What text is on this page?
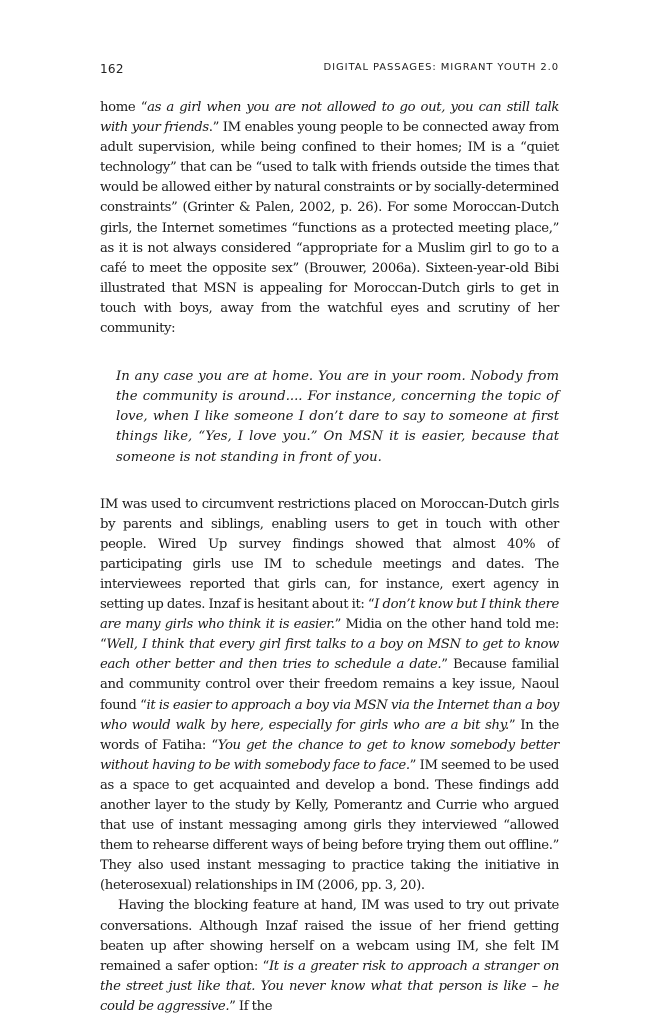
162	DIGITAL PASSAGES: MIGRANT YOUTH 2.0

home “as a girl when you are not allowed to go out, you can still talk with your friends.” IM enables young people to be connected away from adult supervision, while being confined to their homes; IM is a “quiet technology” that can be “used to talk with friends outside the times that would be allowed either by natural constraints or by socially-determined constraints” (Grinter & Palen, 2002, p. 26). For some Moroccan-Dutch girls, the Internet sometimes “functions as a protected meeting place,” as it is not always considered “appropriate for a Muslim girl to go to a café to meet the opposite sex” (Brouwer, 2006a). Sixteen-year-old Bibi illustrated that MSN is appealing for Moroccan-Dutch girls to get in touch with boys, away from the watchful eyes and scrutiny of her community:

In any case you are at home. You are in your room. Nobody from the community is around.... For instance, concerning the topic of love, when I like someone I don’t dare to say to someone at first things like, “Yes, I love you.” On MSN it is easier, because that someone is not standing in front of you.

IM was used to circumvent restrictions placed on Moroccan-Dutch girls by parents and siblings, enabling users to get in touch with other people. Wired Up survey findings showed that almost 40% of participating girls use IM to schedule meetings and dates. The interviewees reported that girls can, for instance, exert agency in setting up dates. Inzaf is hesitant about it: “I don’t know but I think there are many girls who think it is easier.” Midia on the other hand told me: “Well, I think that every girl first talks to a boy on MSN to get to know each other better and then tries to schedule a date.” Because familial and community control over their freedom remains a key issue, Naoul found “it is easier to approach a boy via MSN via the Internet than a boy who would walk by here, especially for girls who are a bit shy.” In the words of Fatiha: “You get the chance to get to know somebody better without having to be with somebody face to face.” IM seemed to be used as a space to get acquainted and develop a bond. These findings add another layer to the study by Kelly, Pomerantz and Currie who argued that use of instant messaging among girls they interviewed “allowed them to rehearse different ways of being before trying them out offline.” They also used instant messaging to practice taking the initiative in (heterosexual) relationships in IM (2006, pp. 3, 20).

Having the blocking feature at hand, IM was used to try out private conversations. Although Inzaf raised the issue of her friend getting beaten up after showing herself on a webcam using IM, she felt IM remained a safer option: “It is a greater risk to approach a stranger on the street just like that. You never know what that person is like – he could be aggressive.” If the
